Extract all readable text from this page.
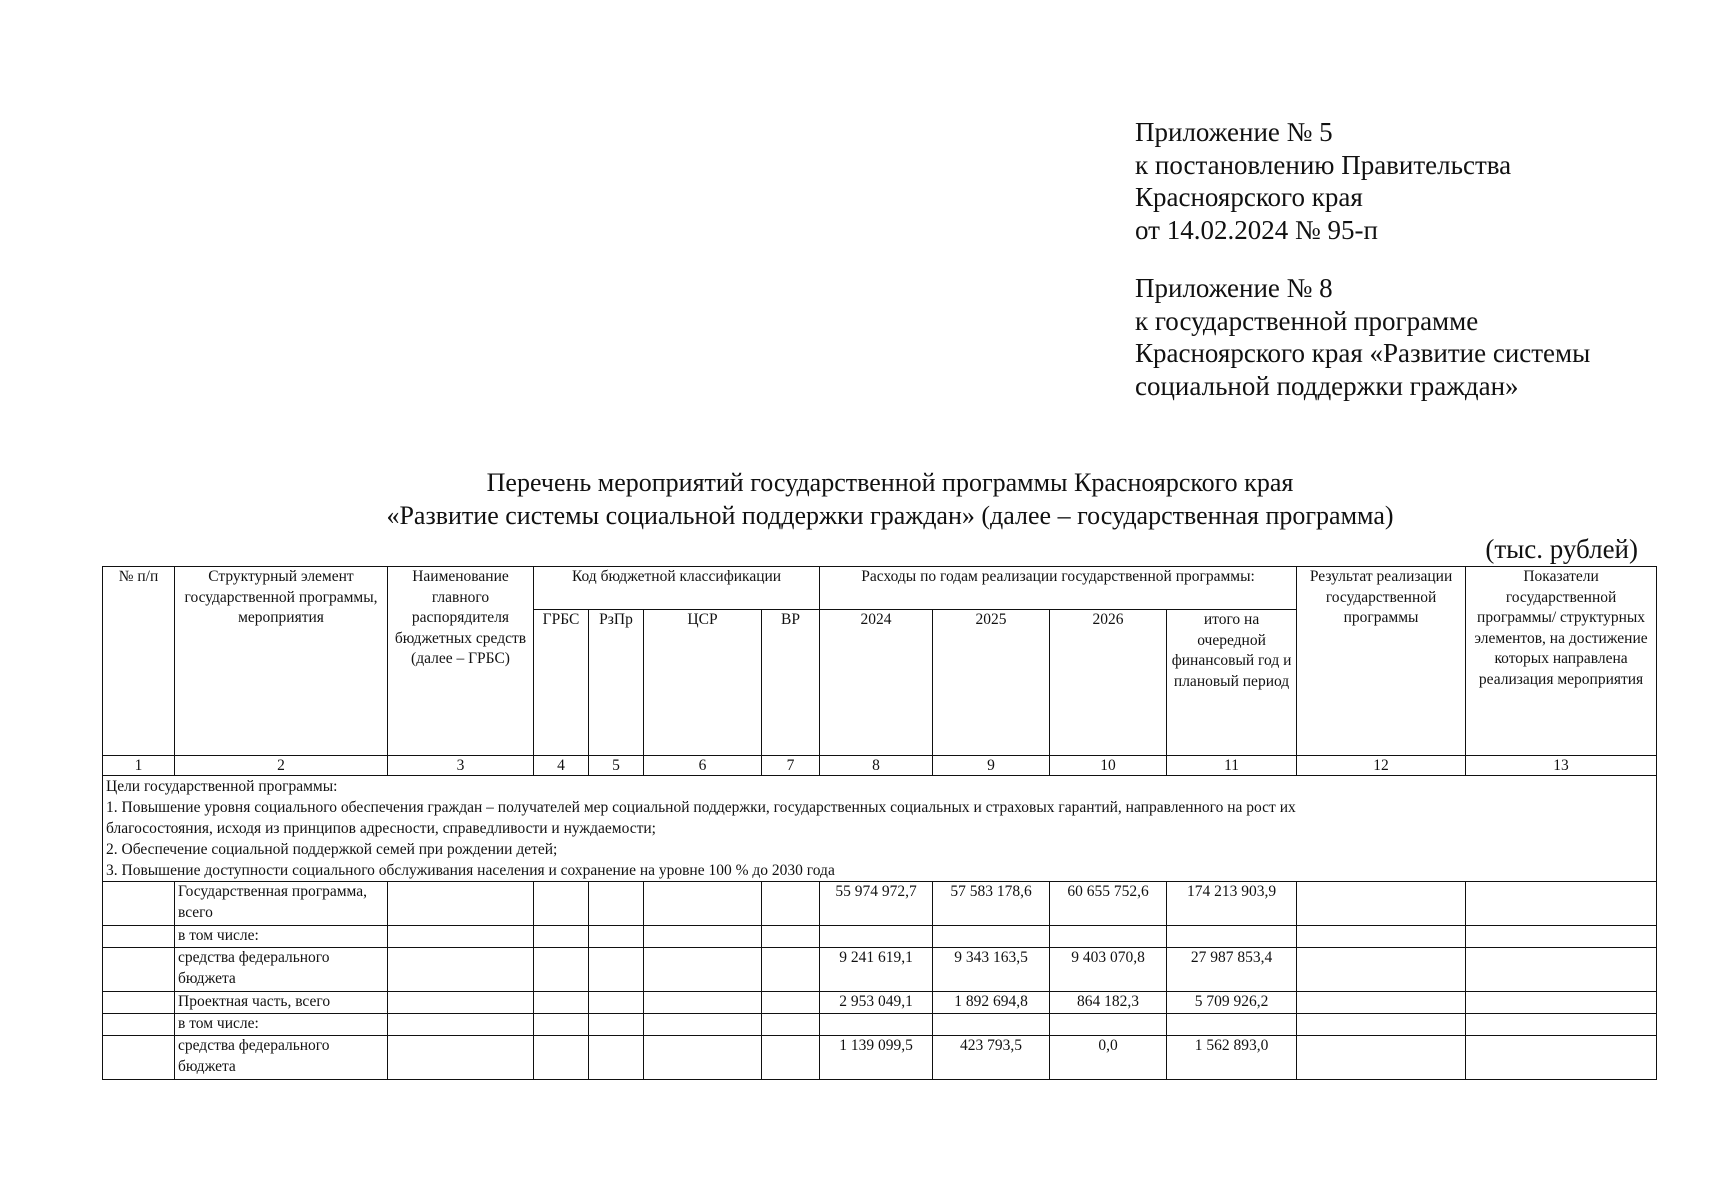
Приложение № 5
к постановлению Правительства
Красноярского края
от 14.02.2024 № 95-п
Приложение № 8
к государственной программе
Красноярского края «Развитие системы
социальной поддержки граждан»
Перечень мероприятий государственной программы Красноярского края
«Развитие системы социальной поддержки граждан» (далее – государственная программа)
(тыс. рублей)
№ п/п	Структурный элемент государственной программы, мероприятия	Наименование главного распорядителя бюджетных средств (далее – ГРБС)	Код бюджетной классификации				Расходы по годам реализации государственной программы:				Результат реализации государственной программы	Показатели государственной программы/ структурных элементов, на достижение которых направлена реализация мероприятия
			ГРБС	РзПр	ЦСР	ВР	2024	2025	2026	итого на очередной финансовый год и плановый период		
1	2	3	4	5	6	7	8	9	10	11	12	13

Цели государственной программы:
1. Повышение уровня социального обеспечения граждан – получателей мер социальной поддержки, государственных социальных и страховых гарантий, направленного на рост их
благосостояния, исходя из принципов адресности, справедливости и нуждаемости;
2. Обеспечение социальной поддержкой семей при рождении детей;
3. Повышение доступности социального обслуживания населения и сохранение на уровне 100 % до 2030 года												

	Государственная программа, всего						55 974 972,7	57 583 178,6	60 655 752,6	174 213 903,9		
	в том числе:											
	средства федерального бюджета						9 241 619,1	9 343 163,5	9 403 070,8	27 987 853,4		
	Проектная часть, всего						2 953 049,1	1 892 694,8	864 182,3	5 709 926,2		
	в том числе:											
	средства федерального бюджета						1 139 099,5	423 793,5	0,0	1 562 893,0		
